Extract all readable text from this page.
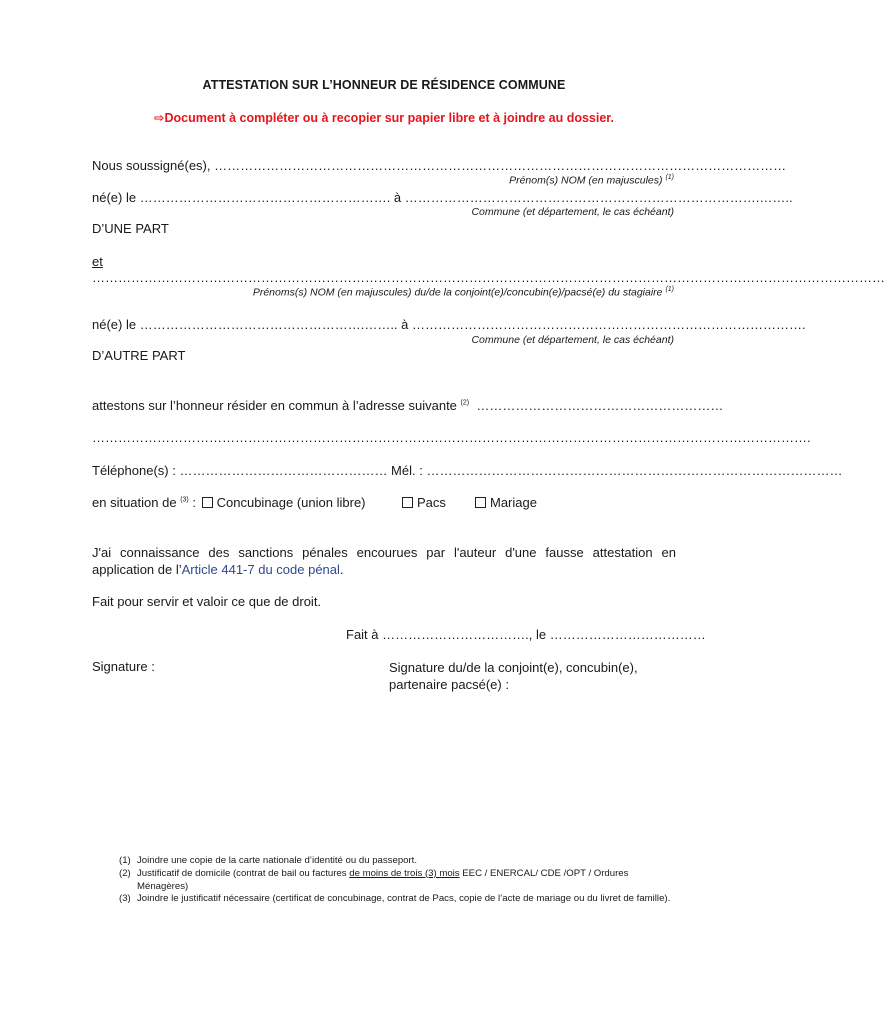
ATTESTATION SUR L’HONNEUR DE RÉSIDENCE COMMUNE
⇨Document à compléter ou à recopier sur papier libre et à joindre au dossier.
Nous soussigné(es), ……………………………………………………………………………………………………………………
Prénom(s) NOM (en majuscules) $^{(1)}$
né(e) le …………………………………………………. à ……………………………………………………………………….……..
Commune (et département, le cas échéant)
D’UNE PART
et
…………………………………………………………………………………………………………………………………………………………………
Prénoms(s) NOM (en majuscules) du/de la conjoint(e)/concubin(e)/pacsé(e) du stagiaire $^{(1)}$
né(e) le …………………………………………….…….. à ……………………………………………………………………………….
Commune (et département, le cas échéant)
D’AUTRE PART
attestons sur l’honneur résider en commun à l’adresse suivante $^{(2)}$ …………………………………………………
………………………………………………………………………………………………………………………………………………….
Téléphone(s) : ………………………………………… Mél. : ……………………………………………………………………………………
en situation de $^{(3)}$ : Concubinage (union libre)	Pacs	Mariage
J'ai connaissance des sanctions pénales encourues par l'auteur d'une fausse attestation en application de l’Article 441-7 du code pénal.
Fait pour servir et valoir ce que de droit.
Fait à ……………………………., le ………………………………
Signature :	Signature du/de la conjoint(e), concubin(e),
partenaire pacsé(e) :
(1) Joindre une copie de la carte nationale d’identité ou du passeport.
(2) Justificatif de domicile (contrat de bail ou factures de moins de trois (3) mois EEC / ENERCAL/ CDE /OPT / Ordures Ménagères)
(3) Joindre le justificatif nécessaire (certificat de concubinage, contrat de Pacs, copie de l’acte de mariage ou du livret de famille).
